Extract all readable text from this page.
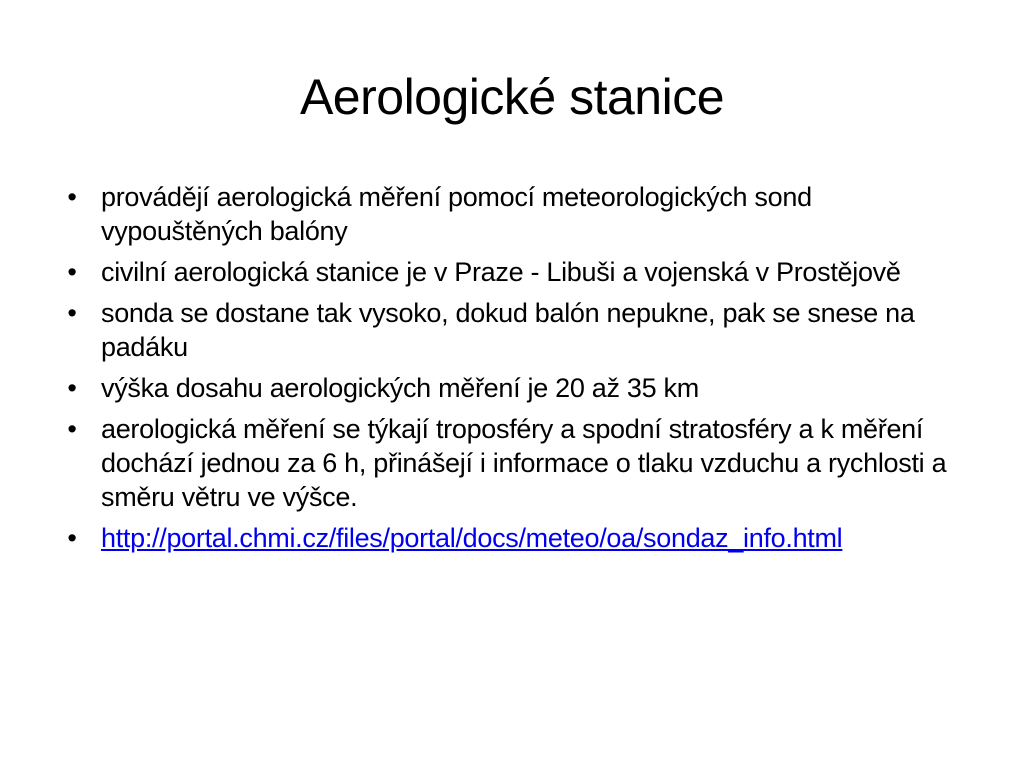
Aerologické stanice
• provádějí aerologická měření pomocí meteorologických sond vypouštěných balóny
• civilní aerologická stanice je v Praze - Libuši a vojenská v Prostějově
• sonda se dostane tak vysoko, dokud balón nepukne, pak se snese na padáku
• výška dosahu aerologických měření je 20 až 35 km
• aerologická měření se týkají troposféry a spodní stratosféry a k měření dochází jednou za 6 h, přinášejí i informace o tlaku vzduchu a rychlosti a směru větru ve výšce.
• http://portal.chmi.cz/files/portal/docs/meteo/oa/sondaz_info.html
